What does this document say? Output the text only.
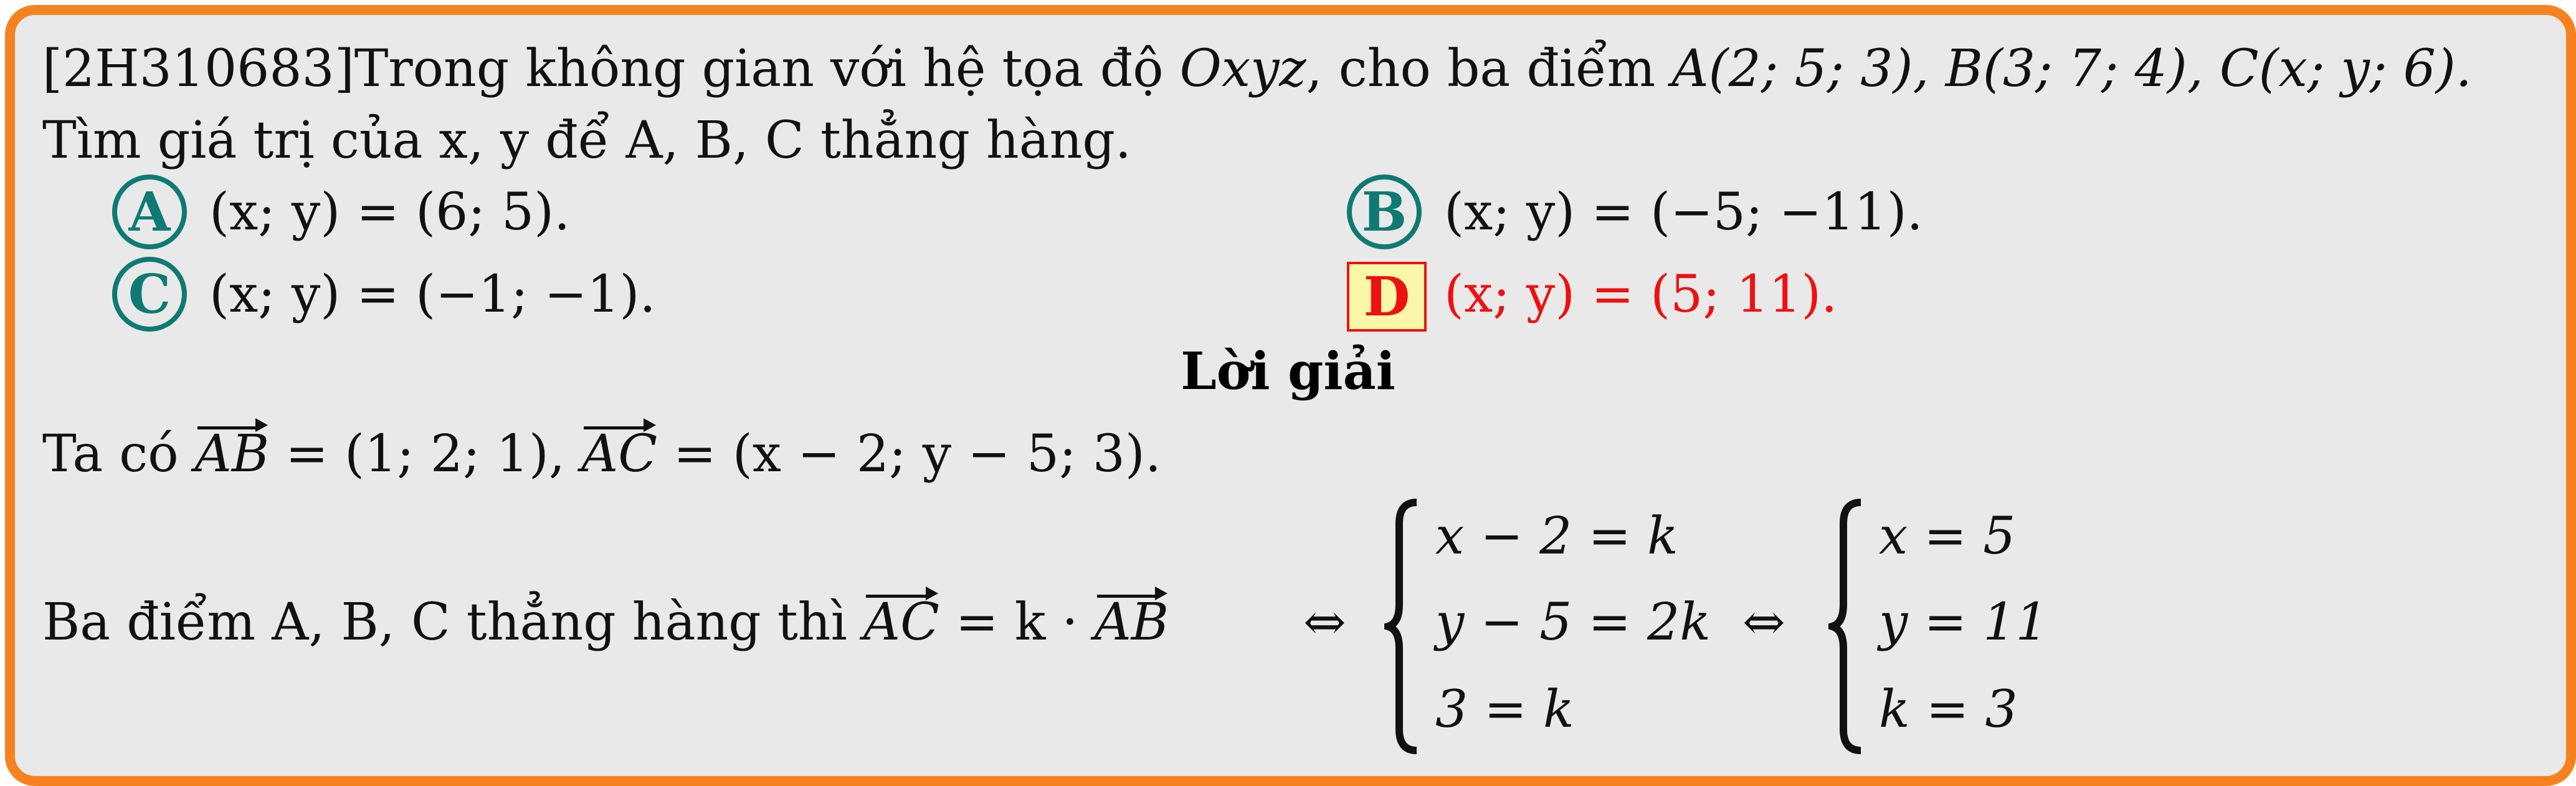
[2H310683]Trong không gian với hệ tọa độ Oxyz, cho ba điểm A(2; 5; 3), B(3; 7; 4), C(x; y; 6).
Tìm giá trị của x, y để A, B, C thẳng hàng.
A (x; y) = (6; 5).	B (x; y) = (−5; −11).
C (x; y) = (−1; −1).	D (x; y) = (5; 11).
Lời giải
Ta có AB = (1; 2; 1), AC = (x − 2; y − 5; 3).
Ba điểm A, B, C thẳng hàng thì AC = k · AB	⇔
x − 2 = k
y − 5 = 2k
3 = k
⇔
x = 5
y = 11
k = 3
